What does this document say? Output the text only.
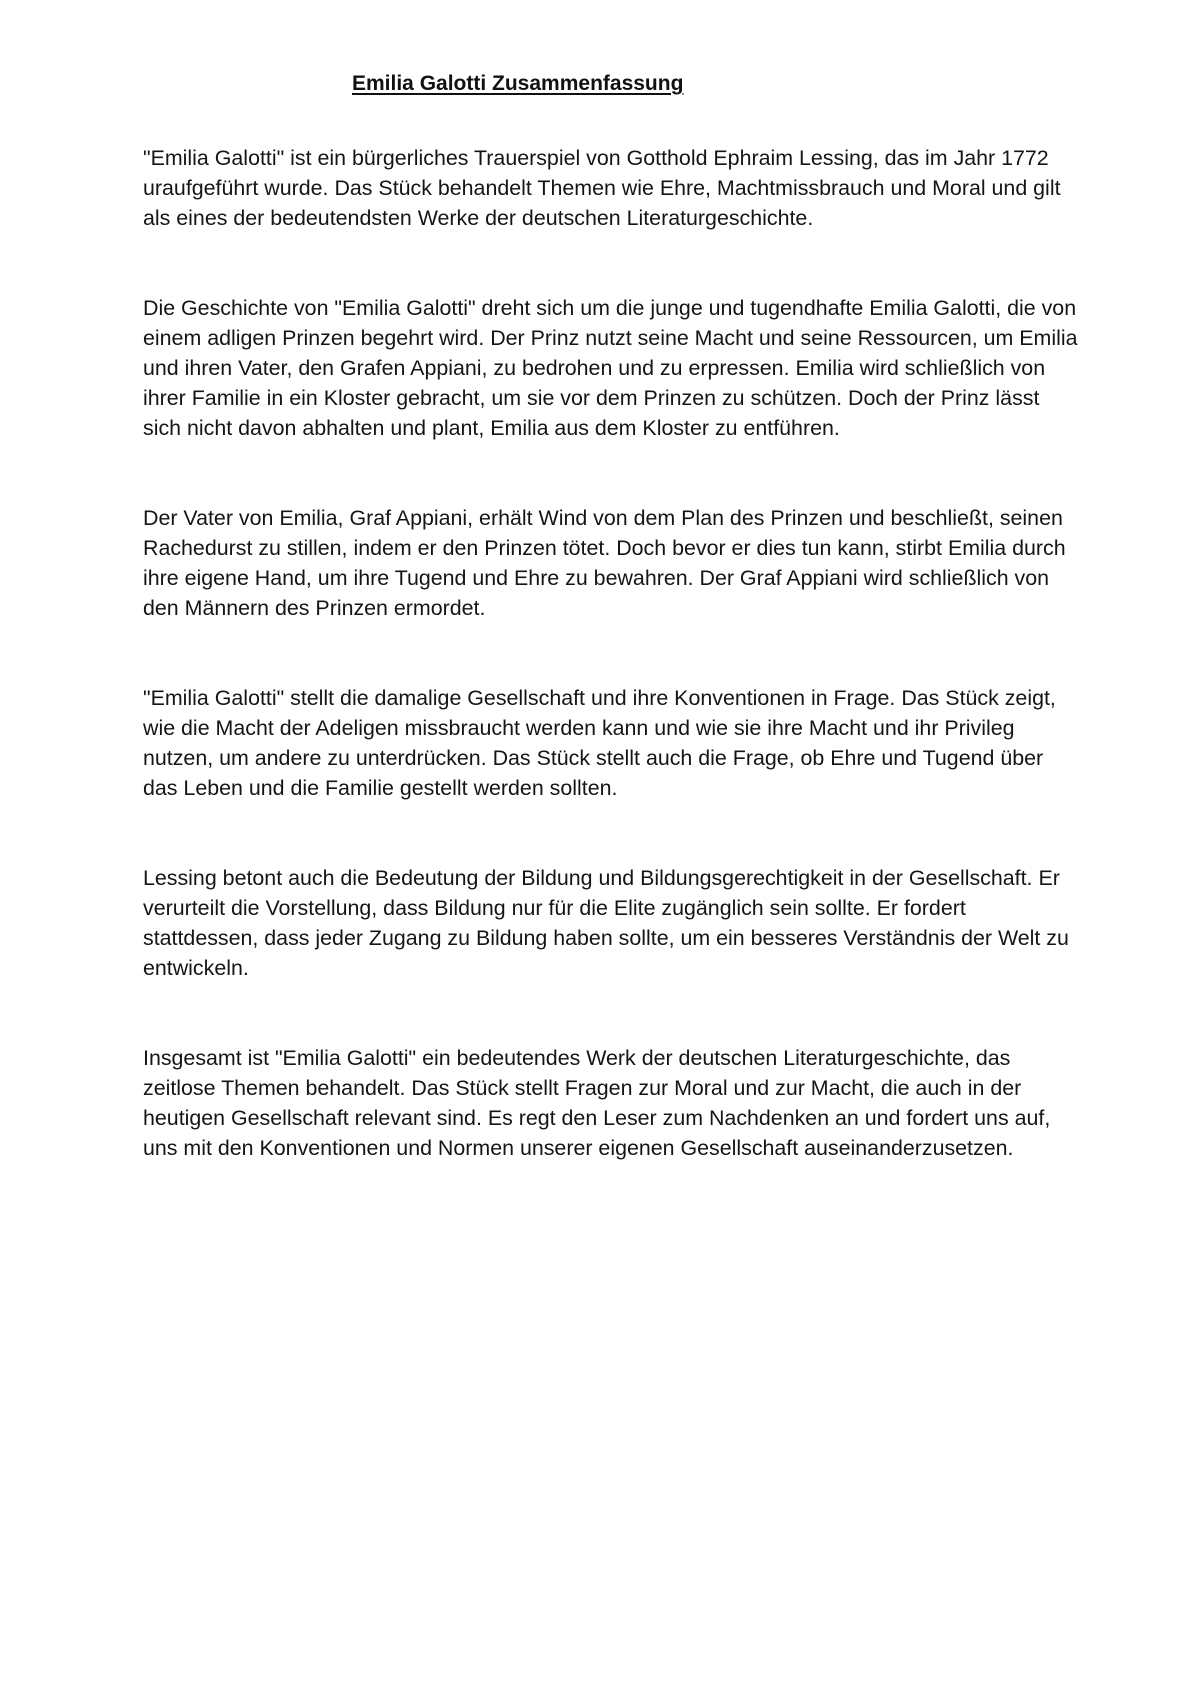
Emilia Galotti Zusammenfassung

"Emilia Galotti" ist ein bürgerliches Trauerspiel von Gotthold Ephraim Lessing, das im Jahr 1772 uraufgeführt wurde. Das Stück behandelt Themen wie Ehre, Machtmissbrauch und Moral und gilt als eines der bedeutendsten Werke der deutschen Literaturgeschichte.

Die Geschichte von "Emilia Galotti" dreht sich um die junge und tugendhafte Emilia Galotti, die von einem adligen Prinzen begehrt wird. Der Prinz nutzt seine Macht und seine Ressourcen, um Emilia und ihren Vater, den Grafen Appiani, zu bedrohen und zu erpressen. Emilia wird schließlich von ihrer Familie in ein Kloster gebracht, um sie vor dem Prinzen zu schützen. Doch der Prinz lässt sich nicht davon abhalten und plant, Emilia aus dem Kloster zu entführen.

Der Vater von Emilia, Graf Appiani, erhält Wind von dem Plan des Prinzen und beschließt, seinen Rachedurst zu stillen, indem er den Prinzen tötet. Doch bevor er dies tun kann, stirbt Emilia durch ihre eigene Hand, um ihre Tugend und Ehre zu bewahren. Der Graf Appiani wird schließlich von den Männern des Prinzen ermordet.

"Emilia Galotti" stellt die damalige Gesellschaft und ihre Konventionen in Frage. Das Stück zeigt, wie die Macht der Adeligen missbraucht werden kann und wie sie ihre Macht und ihr Privileg nutzen, um andere zu unterdrücken. Das Stück stellt auch die Frage, ob Ehre und Tugend über das Leben und die Familie gestellt werden sollten.

Lessing betont auch die Bedeutung der Bildung und Bildungsgerechtigkeit in der Gesellschaft. Er verurteilt die Vorstellung, dass Bildung nur für die Elite zugänglich sein sollte. Er fordert stattdessen, dass jeder Zugang zu Bildung haben sollte, um ein besseres Verständnis der Welt zu entwickeln.

Insgesamt ist "Emilia Galotti" ein bedeutendes Werk der deutschen Literaturgeschichte, das zeitlose Themen behandelt. Das Stück stellt Fragen zur Moral und zur Macht, die auch in der heutigen Gesellschaft relevant sind. Es regt den Leser zum Nachdenken an und fordert uns auf, uns mit den Konventionen und Normen unserer eigenen Gesellschaft auseinanderzusetzen.
